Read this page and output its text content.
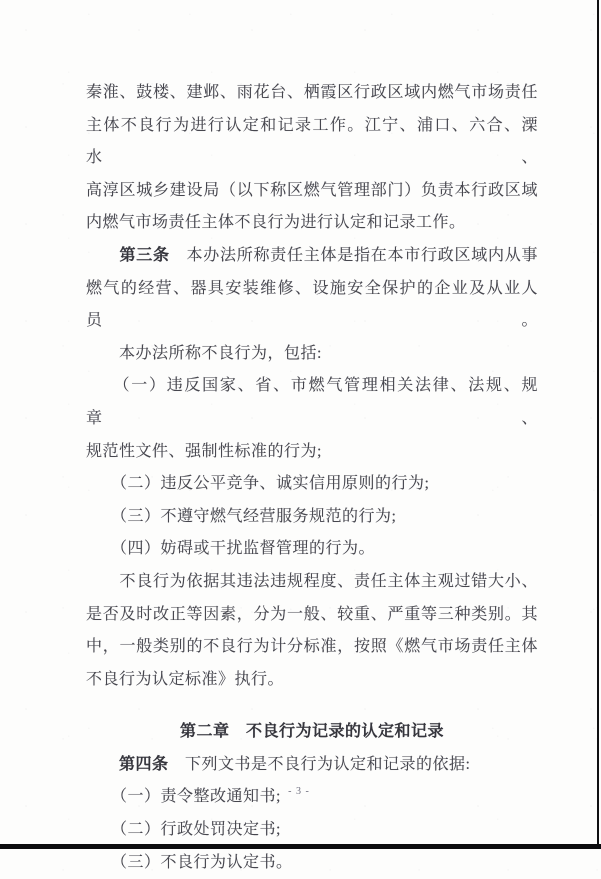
秦淮、鼓楼、建邺、雨花台、栖霞区行政区域内燃气市场责任
主体不良行为进行认定和记录工作。江宁、浦口、六合、溧水、
高淳区城乡建设局（以下称区燃气管理部门）负责本行政区域
内燃气市场责任主体不良行为进行认定和记录工作。
　　第三条　本办法所称责任主体是指在本市行政区域内从事
燃气的经营、器具安装维修、设施安全保护的企业及从业人员。
　　本办法所称不良行为，包括:
　　（一）违反国家、省、市燃气管理相关法律、法规、规章、
规范性文件、强制性标准的行为;
　　（二）违反公平竞争、诚实信用原则的行为;
　　（三）不遵守燃气经营服务规范的行为;
　　（四）妨碍或干扰监督管理的行为。
　　不良行为依据其违法违规程度、责任主体主观过错大小、
是否及时改正等因素，分为一般、较重、严重等三种类别。其
中，一般类别的不良行为计分标准，按照《燃气市场责任主体
不良行为认定标准》执行。
第二章　不良行为记录的认定和记录
　　第四条　下列文书是不良行为认定和记录的依据:
　　（一）责令整改通知书;
　　（二）行政处罚决定书;
　　（三）不良行为认定书。
- 3 -
